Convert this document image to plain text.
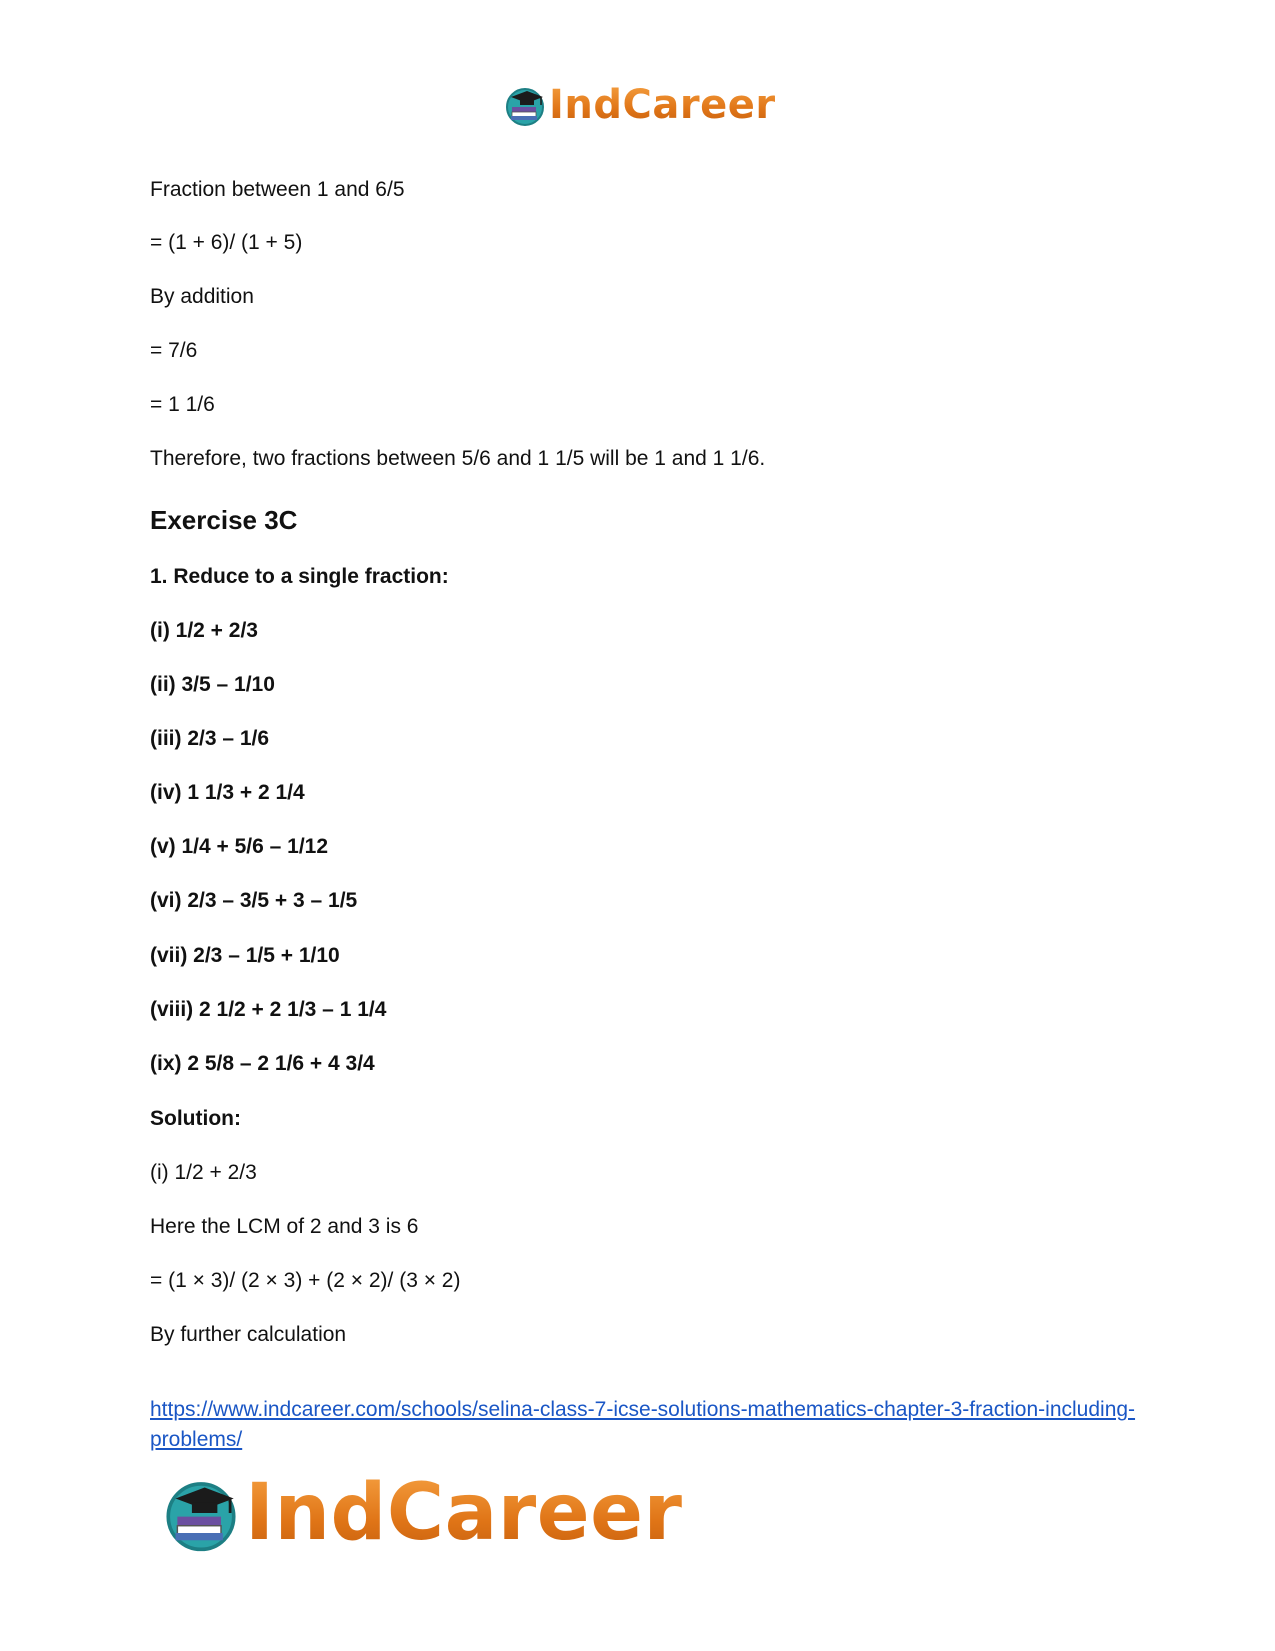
IndCareer
Fraction between 1 and 6/5
= (1 + 6)/ (1 + 5)
By addition
= 7/6
= 1 1/6
Therefore, two fractions between 5/6 and 1 1/5 will be 1 and 1 1/6.
Exercise 3C
1. Reduce to a single fraction:
(i) 1/2 + 2/3
(ii) 3/5 – 1/10
(iii) 2/3 – 1/6
(iv) 1 1/3 + 2 1/4
(v) 1/4 + 5/6 – 1/12
(vi) 2/3 – 3/5 + 3 – 1/5
(vii) 2/3 – 1/5 + 1/10
(viii) 2 1/2 + 2 1/3 – 1 1/4
(ix) 2 5/8 – 2 1/6 + 4 3/4
Solution:
(i) 1/2 + 2/3
Here the LCM of 2 and 3 is 6
= (1 × 3)/ (2 × 3) + (2 × 2)/ (3 × 2)
By further calculation
https://www.indcareer.com/schools/selina-class-7-icse-solutions-mathematics-chapter-3-fraction-including-problems/
IndCareer
